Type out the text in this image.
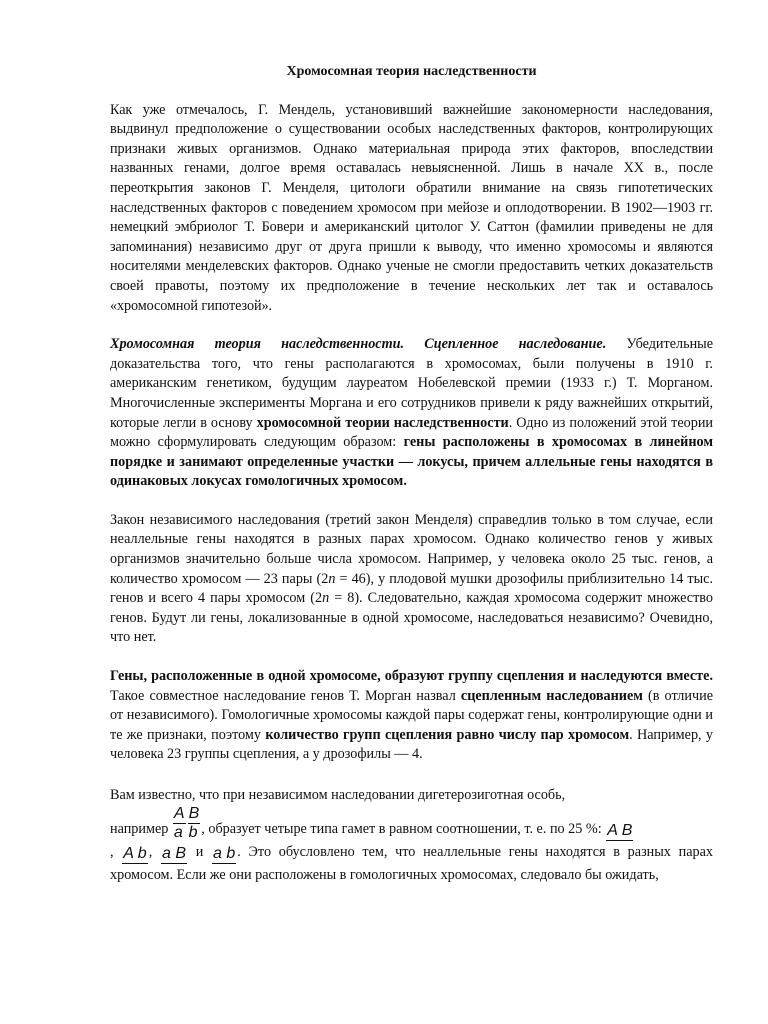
Хромосомная теория наследственности

Как уже отмечалось, Г. Мендель, установивший важнейшие закономерности наследования, выдвинул предположение о существовании особых наследственных факторов, контролирующих признаки живых организмов. Однако материальная природа этих факторов, впоследствии названных генами, долгое время оставалась невыясненной. Лишь в начале XX в., после переоткрытия законов Г. Менделя, цитологи обратили внимание на связь гипотетических наследственных факторов с поведением хромосом при мейозе и оплодотворении. В 1902—1903 гг. немецкий эмбриолог Т. Бовери и американский цитолог У. Саттон (фамилии приведены не для запоминания) независимо друг от друга пришли к выводу, что именно хромосомы и являются носителями менделевских факторов. Однако ученые не смогли предоставить четких доказательств своей правоты, поэтому их предположение в течение нескольких лет так и оставалось «хромосомной гипотезой».

Хромосомная теория наследственности. Сцепленное наследование. Убедительные доказательства того, что гены располагаются в хромосомах, были получены в 1910 г. американским генетиком, будущим лауреатом Нобелевской премии (1933 г.) Т. Морганом. Многочисленные эксперименты Моргана и его сотрудников привели к ряду важнейших открытий, которые легли в основу хромосомной теории наследственности. Одно из положений этой теории можно сформулировать следующим образом: гены расположены в хромосомах в линейном порядке и занимают определенные участки — локусы, причем аллельные гены находятся в одинаковых локусах гомологичных хромосом.

Закон независимого наследования (третий закон Менделя) справедлив только в том случае, если неаллельные гены находятся в разных парах хромосом. Однако количество генов у живых организмов значительно больше числа хромосом. Например, у человека около 25 тыс. генов, а количество хромосом — 23 пары (2n = 46), у плодовой мушки дрозофилы приблизительно 14 тыс. генов и всего 4 пары хромосом (2n = 8). Следовательно, каждая хромосома содержит множество генов. Будут ли гены, локализованные в одной хромосоме, наследоваться независимо? Очевидно, что нет.

Гены, расположенные в одной хромосоме, образуют группу сцепления и наследуются вместе. Такое совместное наследование генов Т. Морган назвал сцепленным наследованием (в отличие от независимого). Гомологичные хромосомы каждой пары содержат гены, контролирующие одни и те же признаки, поэтому количество групп сцепления равно числу пар хромосом. Например, у человека 23 группы сцепления, а у дрозофилы — 4.

Вам известно, что при независимом наследовании дигетерозиготная особь,
например $\frac{A}{a} \frac{B}{b}$ , образует четыре типа гамет в равном соотношении, т. е. по 25 %: A B

, A b , a B и a b . Это обусловлено тем, что неаллельные гены находятся в разных парах хромосом. Если же они расположены в гомологичных хромосомах, следовало бы ожидать,
